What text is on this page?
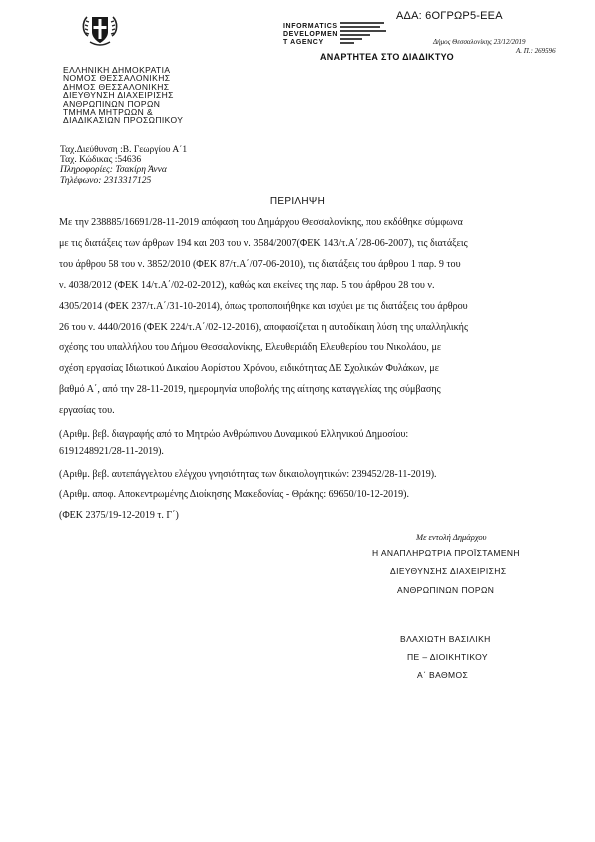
ΑΔΑ: 6ΟΓΡΩΡ5-ΕΕΑ
INFORMATICS
DEVELOPMEN
T AGENCY	Δήμος Θεσσαλονίκης 23/12/2019
Α. Π.: 269596
ΑΝΑΡΤΗΤΕΑ ΣΤΟ ΔΙΑΔΙΚΤΥΟ
ΕΛΛΗΝΙΚΗ ΔΗΜΟΚΡΑΤΙΑ
ΝΟΜΟΣ ΘΕΣΣΑΛΟΝΙΚΗΣ
ΔΗΜΟΣ ΘΕΣΣΑΛΟΝΙΚΗΣ
ΔΙΕΥΘΥΝΣΗ ΔΙΑΧΕΙΡΙΣΗΣ
ΑΝΘΡΩΠΙΝΩΝ ΠΟΡΩΝ
ΤΜΗΜΑ ΜΗΤΡΩΩΝ &
ΔΙΑΔΙΚΑΣΙΩΝ ΠΡΟΣΩΠΙΚΟΥ
Ταχ.Διεύθυνση :Β. Γεωργίου Α΄1
Ταχ. Κώδικας :54636
Πληροφορίες: Τσακίρη Άννα
Τηλέφωνο: 2313317125
ΠΕΡΙΛΗΨΗ
Με την 238885/16691/28-11-2019 απόφαση του Δημάρχου Θεσσαλονίκης, που εκδόθηκε σύμφωνα
με τις διατάξεις των άρθρων 194 και 203 του ν. 3584/2007(ΦΕΚ 143/τ.Α΄/28-06-2007), τις διατάξεις
του άρθρου 58 του ν. 3852/2010 (ΦΕΚ 87/τ.Α΄/07-06-2010), τις διατάξεις του άρθρου 1 παρ. 9 του
ν. 4038/2012 (ΦΕΚ 14/τ.Α΄/02-02-2012), καθώς και εκείνες της παρ. 5 του άρθρου 28 του ν.
4305/2014 (ΦΕΚ 237/τ.Α΄/31-10-2014), όπως τροποποιήθηκε και ισχύει με τις διατάξεις του άρθρου
26 του ν. 4440/2016 (ΦΕΚ 224/τ.Α΄/02-12-2016), αποφασίζεται η αυτοδίκαιη λύση της υπαλληλικής
σχέσης του υπαλλήλου του Δήμου Θεσσαλονίκης, Ελευθεριάδη Ελευθερίου του Νικολάου, με
σχέση εργασίας Ιδιωτικού Δικαίου Αορίστου Χρόνου, ειδικότητας ΔΕ Σχολικών Φυλάκων, με
βαθμό Α΄, από την 28-11-2019, ημερομηνία υποβολής της αίτησης καταγγελίας της σύμβασης
εργασίας του.
(Αριθμ. βεβ. διαγραφής από το Μητρώο Ανθρώπινου Δυναμικού Ελληνικού Δημοσίου:
6191248921/28-11-2019).
(Αριθμ. βεβ. αυτεπάγγελτου ελέγχου γνησιότητας των δικαιολογητικών: 239452/28-11-2019).
(Αριθμ. αποφ. Αποκεντρωμένης Διοίκησης Μακεδονίας - Θράκης: 69650/10-12-2019).
(ΦΕΚ 2375/19-12-2019 τ. Γ΄)
Με εντολή Δημάρχου
Η ΑΝΑΠΛΗΡΩΤΡΙΑ ΠΡΟΪΣΤΑΜΕΝΗ
ΔΙΕΥΘΥΝΣΗΣ ΔΙΑΧΕΙΡΙΣΗΣ
ΑΝΘΡΩΠΙΝΩΝ ΠΟΡΩΝ
ΒΛΑΧΙΩΤΗ ΒΑΣΙΛΙΚΗ
ΠΕ – ΔΙΟΙΚΗΤΙΚΟΥ
Α΄ ΒΑΘΜΟΣ
